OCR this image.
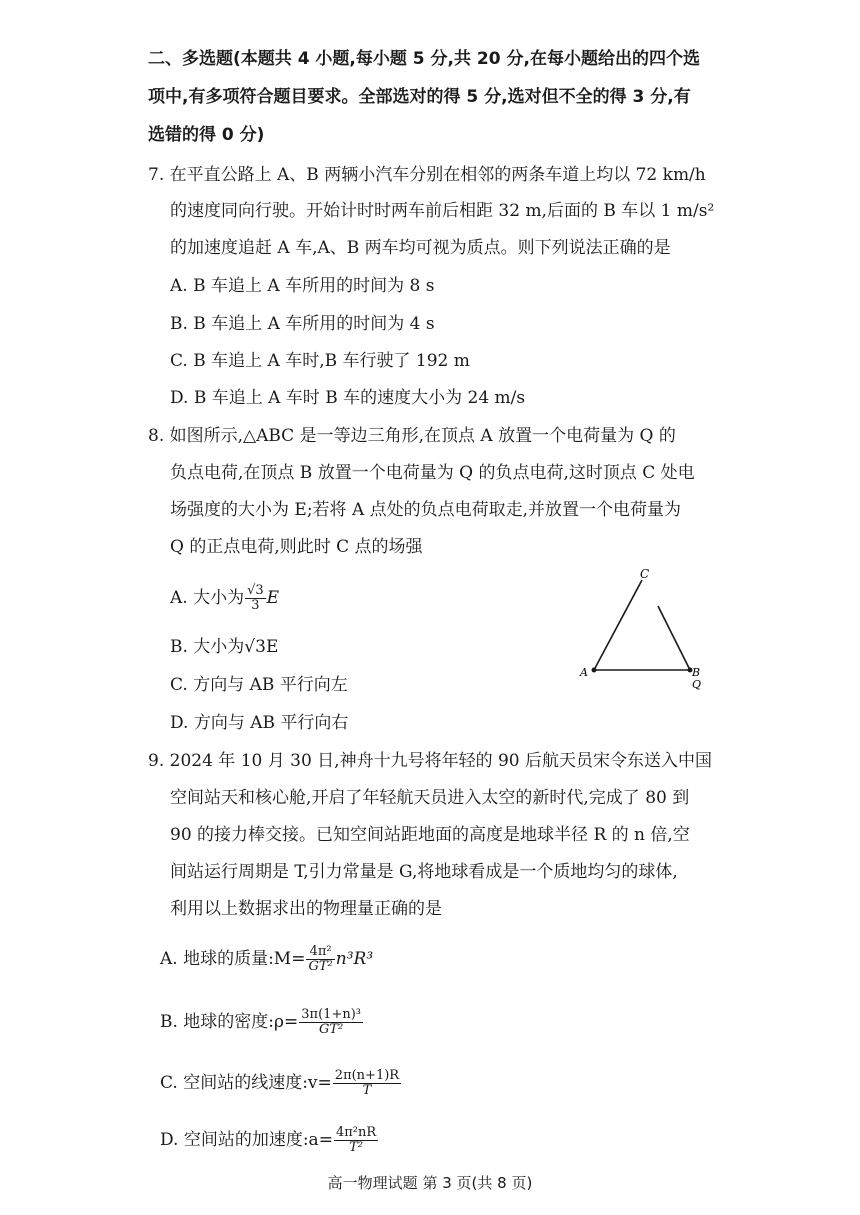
二、多选题(本题共 4 小题,每小题 5 分,共 20 分,在每小题给出的四个选
项中,有多项符合题目要求。全部选对的得 5 分,选对但不全的得 3 分,有
选错的得 0 分)
7. 在平直公路上 A、B 两辆小汽车分别在相邻的两条车道上均以 72 km/h
的速度同向行驶。开始计时时两车前后相距 32 m,后面的 B 车以 1 m/s²
的加速度追赶 A 车,A、B 两车均可视为质点。则下列说法正确的是
A. B 车追上 A 车所用的时间为 8 s
B. B 车追上 A 车所用的时间为 4 s
C. B 车追上 A 车时,B 车行驶了 192 m
D. B 车追上 A 车时 B 车的速度大小为 24 m/s
8. 如图所示,△ABC 是一等边三角形,在顶点 A 放置一个电荷量为 Q 的
负点电荷,在顶点 B 放置一个电荷量为 Q 的负点电荷,这时顶点 C 处电
场强度的大小为 E;若将 A 点处的负点电荷取走,并放置一个电荷量为
Q 的正点电荷,则此时 C 点的场强
A. 大小为 $\frac{√3}{3}$ E
B. 大小为√3E
C. 方向与 AB 平行向左
D. 方向与 AB 平行向右
C
A	B
Q
9. 2024 年 10 月 30 日,神舟十九号将年轻的 90 后航天员宋令东送入中国
空间站天和核心舱,开启了年轻航天员进入太空的新时代,完成了 80 到
90 的接力棒交接。已知空间站距地面的高度是地球半径 R 的 n 倍,空
间站运行周期是 T,引力常量是 G,将地球看成是一个质地均匀的球体,
利用以上数据求出的物理量正确的是
A. 地球的质量:M= $\frac{\text{4π²}}{\text{GT²}} n^3R^3$
B. 地球的密度:ρ= $\frac{\text{3π(1+n)³}}{\text{GT²}}$
C. 空间站的线速度:v= $\frac{2\pi(n+1)R}{T}$
D. 空间站的加速度:a= $\frac{\text{4π²nR}}{\text{T²}}$
高一物理试题 第 3 页(共 8 页)
